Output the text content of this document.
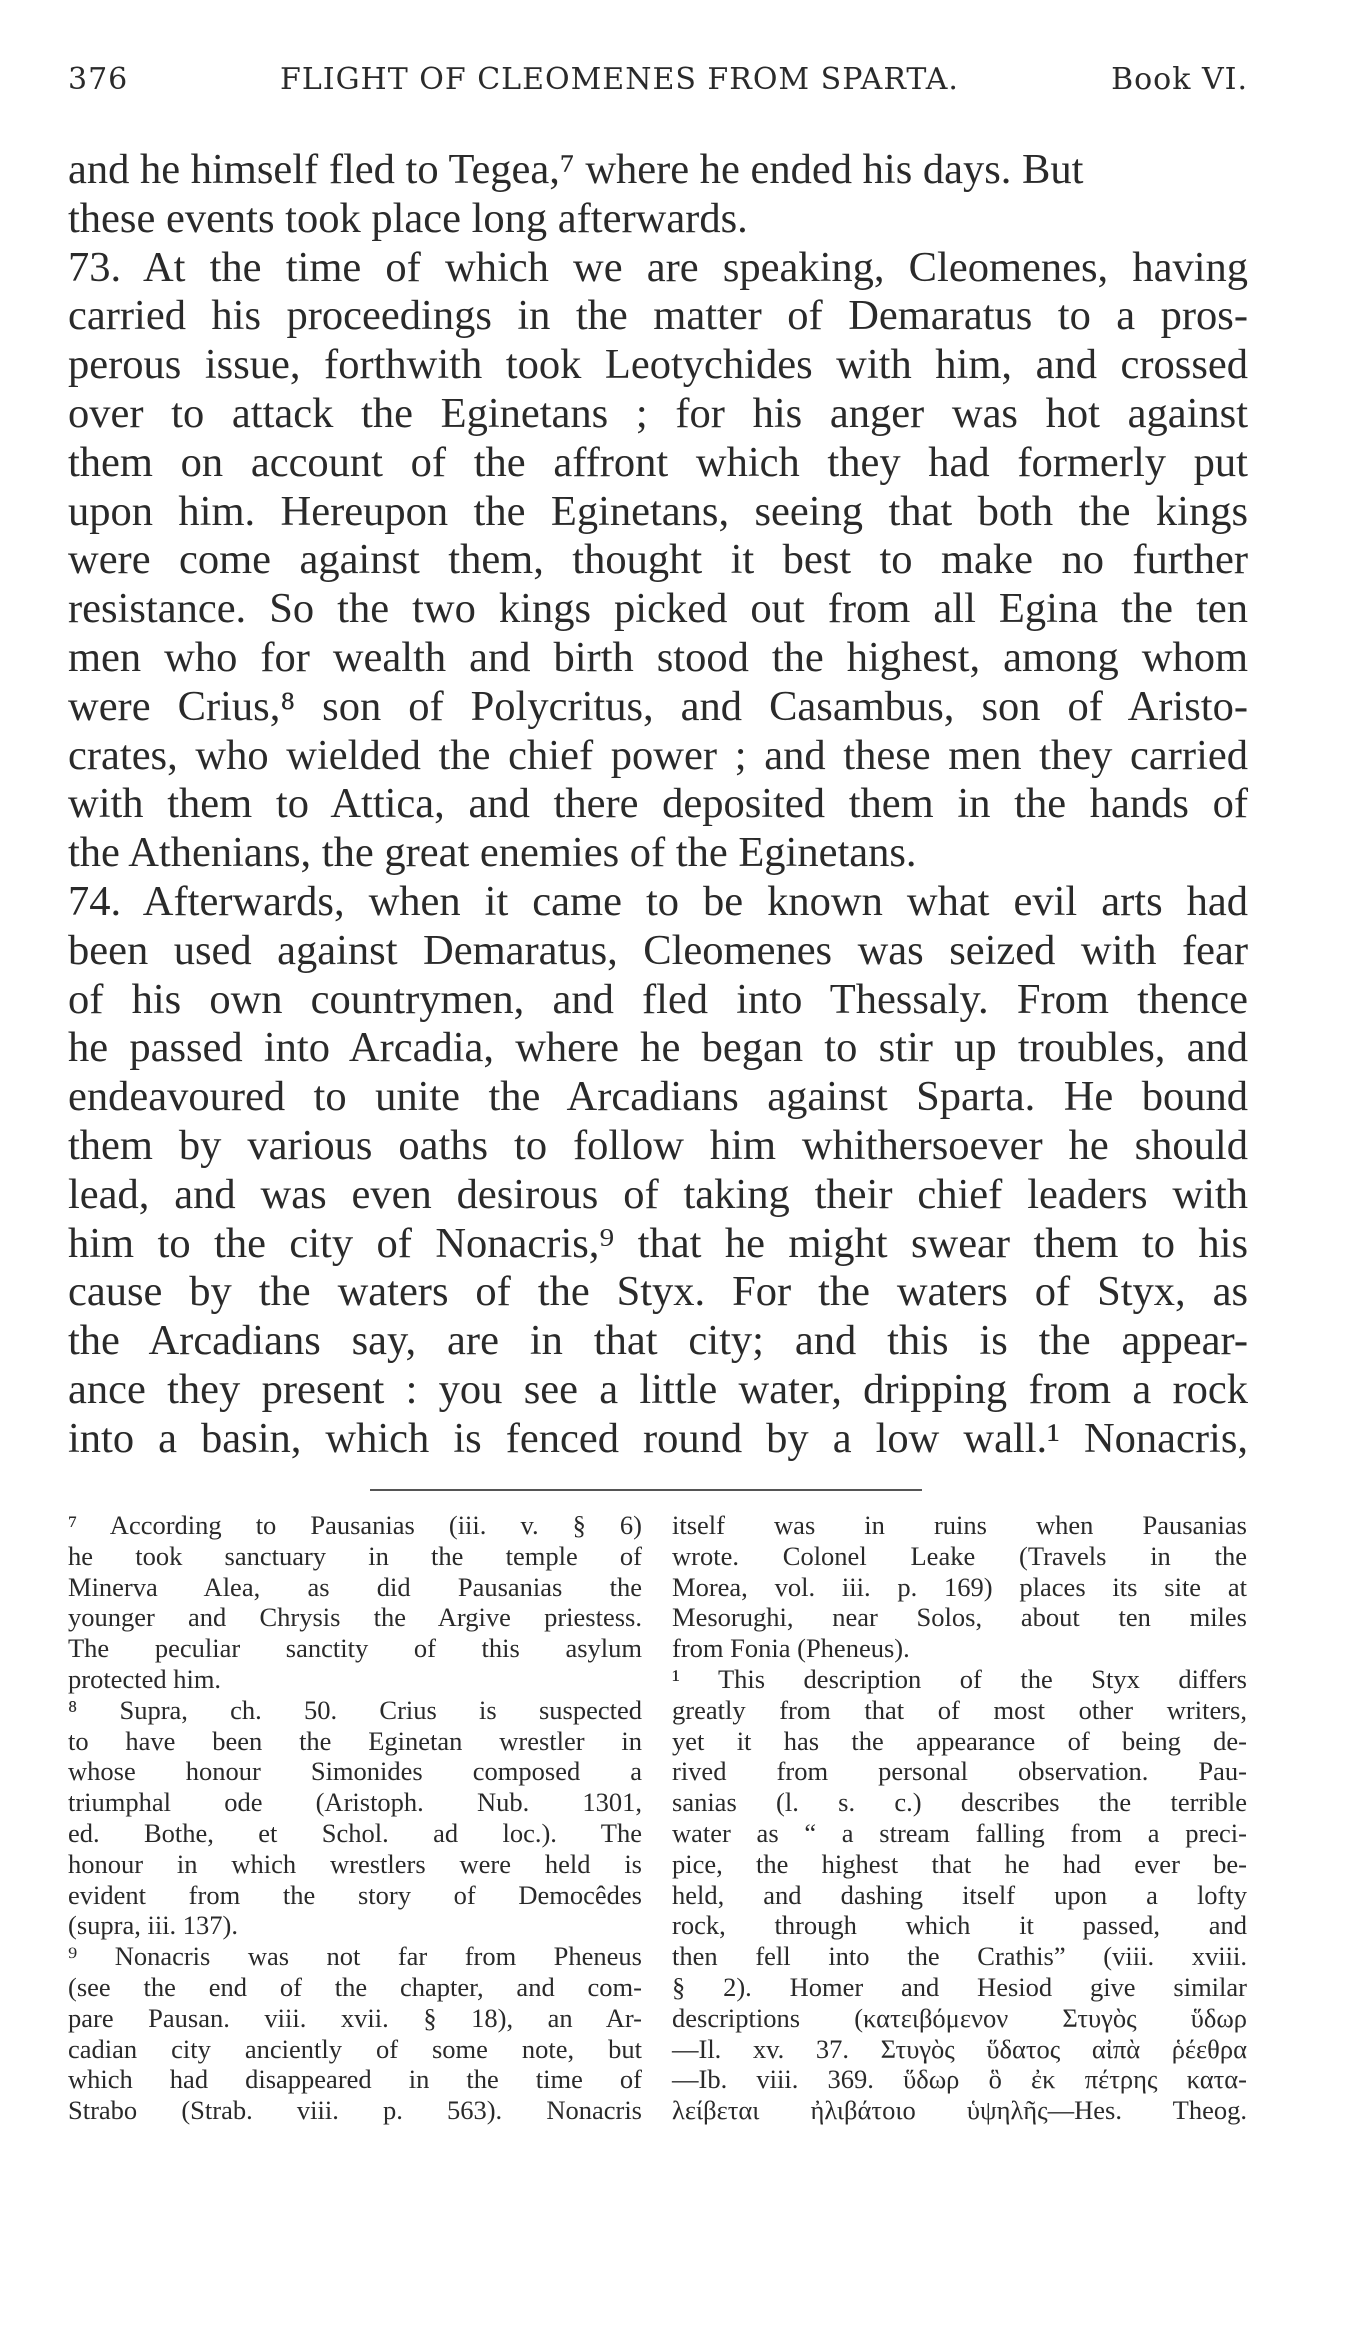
376	FLIGHT OF CLEOMENES FROM SPARTA.	Book VI.
and he himself fled to Tegea,⁷ where he ended his days. But
these events took place long afterwards.
73. At the time of which we are speaking, Cleomenes, having
carried his proceedings in the matter of Demaratus to a pros-
perous issue, forthwith took Leotychides with him, and crossed
over to attack the Eginetans ; for his anger was hot against
them on account of the affront which they had formerly put
upon him. Hereupon the Eginetans, seeing that both the kings
were come against them, thought it best to make no further
resistance. So the two kings picked out from all Egina the ten
men who for wealth and birth stood the highest, among whom
were Crius,⁸ son of Polycritus, and Casambus, son of Aristo-
crates, who wielded the chief power ; and these men they carried
with them to Attica, and there deposited them in the hands of
the Athenians, the great enemies of the Eginetans.
74. Afterwards, when it came to be known what evil arts had
been used against Demaratus, Cleomenes was seized with fear
of his own countrymen, and fled into Thessaly. From thence
he passed into Arcadia, where he began to stir up troubles, and
endeavoured to unite the Arcadians against Sparta. He bound
them by various oaths to follow him whithersoever he should
lead, and was even desirous of taking their chief leaders with
him to the city of Nonacris,⁹ that he might swear them to his
cause by the waters of the Styx. For the waters of Styx, as
the Arcadians say, are in that city; and this is the appear-
ance they present : you see a little water, dripping from a rock
into a basin, which is fenced round by a low wall.¹ Nonacris,
⁷ According to Pausanias (iii. v. § 6)
he took sanctuary in the temple of
Minerva Alea, as did Pausanias the
younger and Chrysis the Argive priestess.
The peculiar sanctity of this asylum
protected him.
⁸ Supra, ch. 50. Crius is suspected
to have been the Eginetan wrestler in
whose honour Simonides composed a
triumphal ode (Aristoph. Nub. 1301,
ed. Bothe, et Schol. ad loc.). The
honour in which wrestlers were held is
evident from the story of Democêdes
(supra, iii. 137).
⁹ Nonacris was not far from Pheneus
(see the end of the chapter, and com-
pare Pausan. viii. xvii. § 18), an Ar-
cadian city anciently of some note, but
which had disappeared in the time of
Strabo (Strab. viii. p. 563). Nonacris
itself was in ruins when Pausanias
wrote. Colonel Leake (Travels in the
Morea, vol. iii. p. 169) places its site at
Mesorughi, near Solos, about ten miles
from Fonia (Pheneus).
¹ This description of the Styx differs
greatly from that of most other writers,
yet it has the appearance of being de-
rived from personal observation. Pau-
sanias (l. s. c.) describes the terrible
water as “ a stream falling from a preci-
pice, the highest that he had ever be-
held, and dashing itself upon a lofty
rock, through which it passed, and
then fell into the Crathis” (viii. xviii.
§ 2). Homer and Hesiod give similar
descriptions (κατειβόμενον Στυγὸς ὕδωρ
—Il. xv. 37. Στυγὸς ὕδατος αἰπὰ ῥέεθρα
—Ib. viii. 369. ὕδωρ ὃ ἐκ πέτρης κατα-
λείβεται ἠλιβάτοιο ὑψηλῆς—Hes. Theog.
